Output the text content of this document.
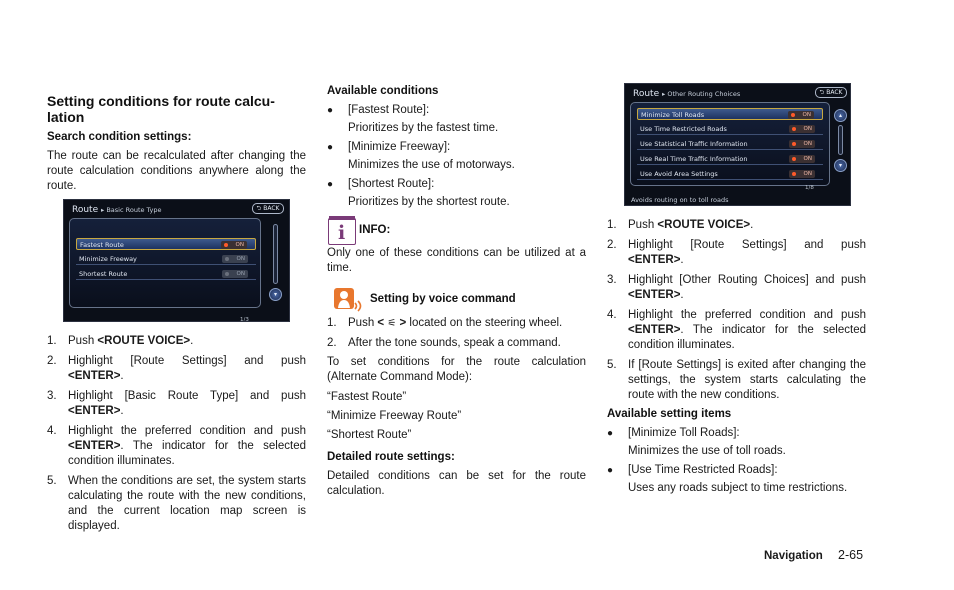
Setting conditions for route calcu-
lation
Search condition settings:

The route can be recalculated after changing the route calculation conditions anywhere along the route.

Route ▸ Basic Route Type	⮌ BACK
Fastest Route	ON
Minimize Freeway	ON
Shortest Route	ON
▾
1/3
1. Push <ROUTE VOICE>.
2. Highlight [Route Settings] and push <ENTER>.
3. Highlight [Basic Route Type] and push <ENTER>.
4. Highlight the preferred condition and push <ENTER>. The indicator for the selected condition illuminates.
5. When the conditions are set, the system starts calculating the route with the new conditions, and the current location map screen is displayed.
Available conditions
● [Fastest Route]:
Prioritizes by the fastest time.
● [Minimize Freeway]:
Minimizes the use of motorways.
● [Shortest Route]:
Prioritizes by the shortest route.
i INFO:

Only one of these conditions can be utilized at a time.

Setting by voice command
1. Push < ⚟ > located on the steering wheel.
2. After the tone sounds, speak a command.

To set conditions for the route calculation (Alternate Command Mode):

“Fastest Route”
“Minimize Freeway Route”
“Shortest Route”
Detailed route settings:

Detailed conditions can be set for the route calculation.

Route ▸ Other Routing Choices	⮌ BACK
Minimize Toll Roads	ON
Use Time Restricted Roads	ON
Use Statistical Traffic Information	ON
Use Real Time Traffic Information	ON
Use Avoid Area Settings	ON
▴
▾
1/8
Avoids routing on to toll roads
1. Push <ROUTE VOICE>.
2. Highlight [Route Settings] and push <ENTER>.
3. Highlight [Other Routing Choices] and push <ENTER>.
4. Highlight the preferred condition and push <ENTER>. The indicator for the selected condition illuminates.
5. If [Route Settings] is exited after changing the settings, the system starts calculating the route with the new conditions.
Available setting items
● [Minimize Toll Roads]:
Minimizes the use of toll roads.
● [Use Time Restricted Roads]:
Uses any roads subject to time restrictions.
Navigation 2-65
